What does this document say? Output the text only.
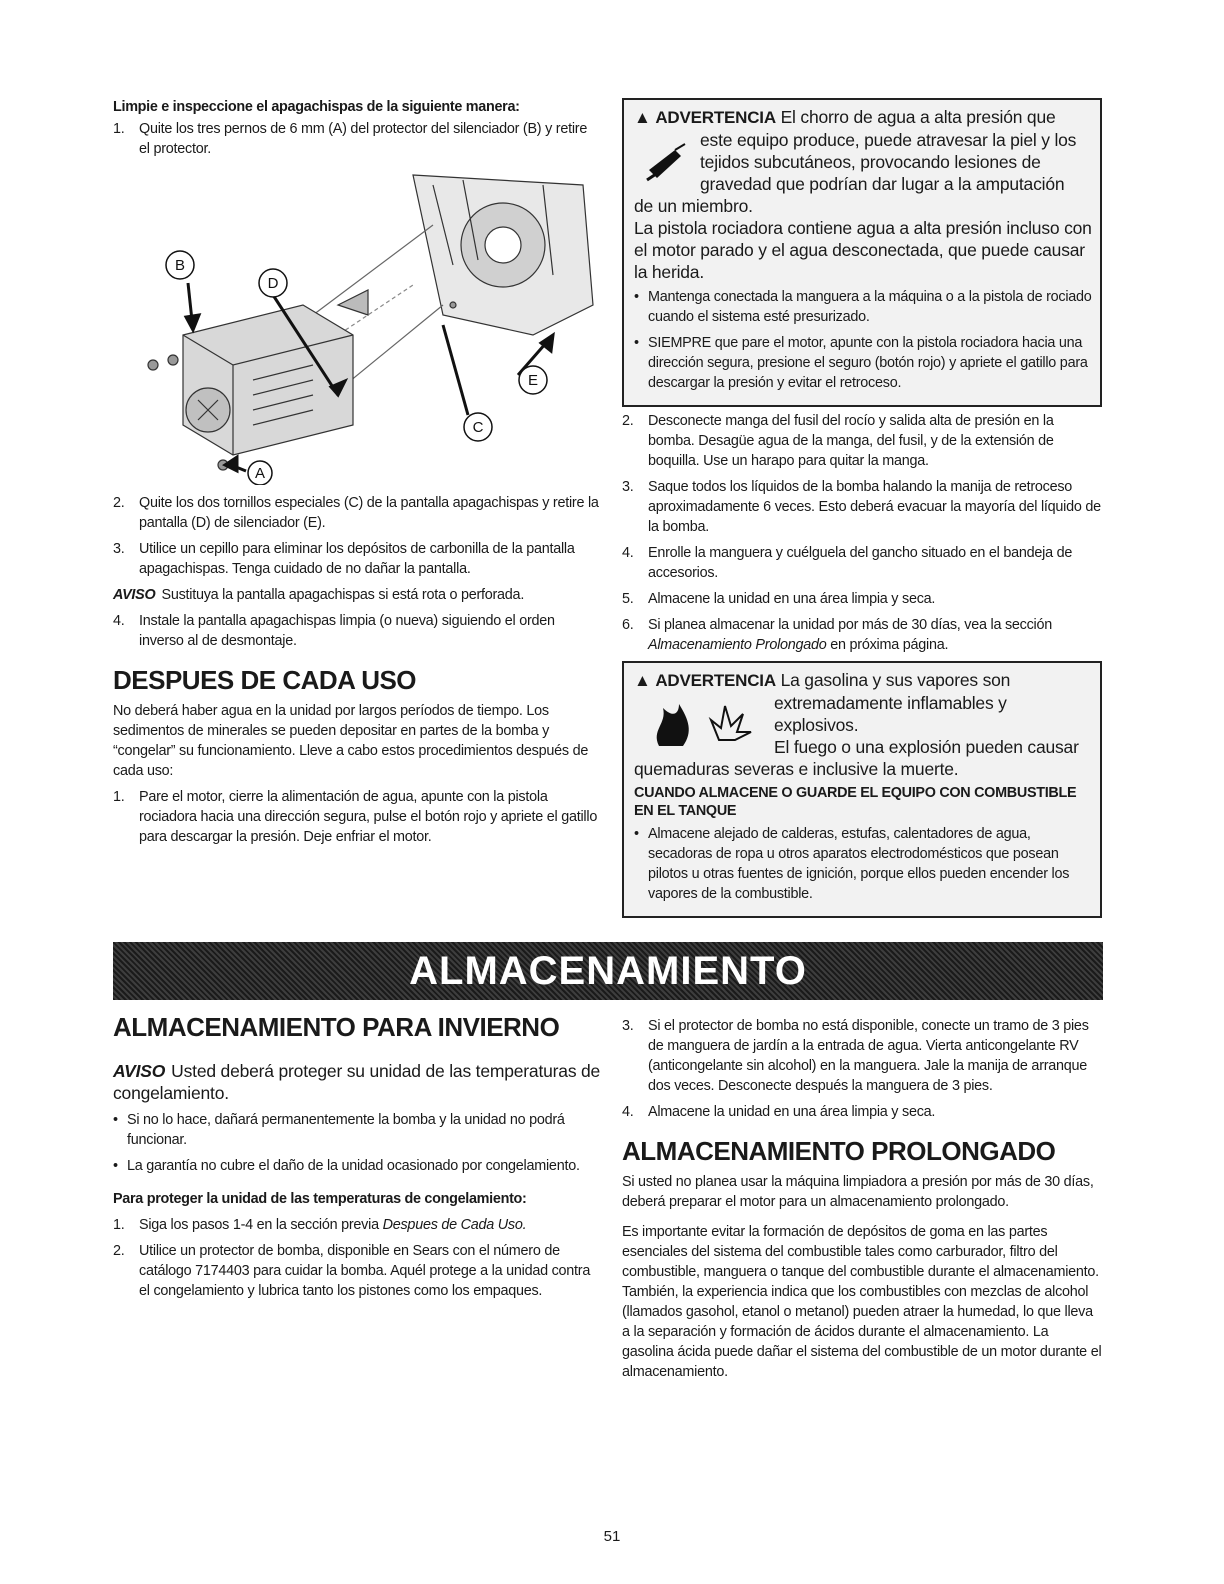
Limpie e inspeccione el apagachispas de la siguiente manera:

1.	Quite los tres pernos de 6 mm (A) del protector del silenciador (B) y retire el protector.
D
B
E
C
A
2.	Quite los dos tornillos especiales (C) de la pantalla apagachispas y retire la pantalla (D) de silenciador (E).
3.	Utilice un cepillo para eliminar los depósitos de carbonilla de la pantalla apagachispas. Tenga cuidado de no dañar la pantalla.

AVISO Sustituya la pantalla apagachispas si está rota o perforada.

4.	Instale la pantalla apagachispas limpia (o nueva) siguiendo el orden inverso al de desmontaje.
DESPUES DE CADA USO

No deberá haber agua en la unidad por largos períodos de tiempo. Los sedimentos de minerales se pueden depositar en partes de la bomba y “congelar” su funcionamiento. Lleve a cabo estos procedimientos después de cada uso:

1.	Pare el motor, cierre la alimentación de agua, apunte con la pistola rociadora hacia una dirección segura, pulse el botón rojo y apriete el gatillo para descargar la presión. Deje enfriar el motor.
▲ ADVERTENCIA El chorro de agua a alta presión que
este equipo produce, puede atravesar la piel y los tejidos subcutáneos, provocando lesiones de gravedad que podrían dar lugar a la amputación
de un miembro.
La pistola rociadora contiene agua a alta presión incluso con el motor parado y el agua desconectada, que puede causar la herida.
• Mantenga conectada la manguera a la máquina o a la pistola de rociado cuando el sistema esté presurizado.
• SIEMPRE que pare el motor, apunte con la pistola rociadora hacia una dirección segura, presione el seguro (botón rojo) y apriete el gatillo para descargar la presión y evitar el retroceso.
2.	Desconecte manga del fusil del rocío y salida alta de presión en la bomba. Desagüe agua de la manga, del fusil, y de la extensión de boquilla. Use un harapo para quitar la manga.
3.	Saque todos los líquidos de la bomba halando la manija de retroceso aproximadamente 6 veces. Esto deberá evacuar la mayoría del líquido de la bomba.
4.	Enrolle la manguera y cuélguela del gancho situado en el bandeja de accesorios.
5.	Almacene la unidad en una área limpia y seca.
6.	Si planea almacenar la unidad por más de 30 días, vea la sección Almacenamiento Prolongado en próxima página.
▲ ADVERTENCIA La gasolina y sus vapores son
extremadamente inflamables y explosivos.
El fuego o una explosión pueden causar
quemaduras severas e inclusive la muerte.
CUANDO ALMACENE O GUARDE EL EQUIPO CON COMBUSTIBLE EN EL TANQUE
• Almacene alejado de calderas, estufas, calentadores de agua, secadoras de ropa u otros aparatos electrodomésticos que posean pilotos u otras fuentes de ignición, porque ellos pueden encender los vapores de la combustible.
ALMACENAMIENTO
ALMACENAMIENTO PARA INVIERNO

AVISO Usted deberá proteger su unidad de las temperaturas de congelamiento.

• Si no lo hace, dañará permanentemente la bomba y la unidad no podrá funcionar.
• La garantía no cubre el daño de la unidad ocasionado por congelamiento.

Para proteger la unidad de las temperaturas de congelamiento:

1.	Siga los pasos 1-4 en la sección previa Despues de Cada Uso.
2.	Utilice un protector de bomba, disponible en Sears con el número de catálogo 7174403 para cuidar la bomba. Aquél protege a la unidad contra el congelamiento y lubrica tanto los pistones como los empaques.
3.	Si el protector de bomba no está disponible, conecte un tramo de 3 pies de manguera de jardín a la entrada de agua. Vierta anticongelante RV (anticongelante sin alcohol) en la manguera. Jale la manija de arranque dos veces. Desconecte después la manguera de 3 pies.
4.	Almacene la unidad en una área limpia y seca.
ALMACENAMIENTO PROLONGADO

Si usted no planea usar la máquina limpiadora a presión por más de 30 días, deberá preparar el motor para un almacenamiento prolongado.

Es importante evitar la formación de depósitos de goma en las partes esenciales del sistema del combustible tales como carburador, filtro del combustible, manguera o tanque del combustible durante el almacenamiento. También, la experiencia indica que los combustibles con mezclas de alcohol (llamados gasohol, etanol o metanol) pueden atraer la humedad, lo que lleva a la separación y formación de ácidos durante el almacenamiento. La gasolina ácida puede dañar el sistema del combustible de un motor durante el almacenamiento.

51
